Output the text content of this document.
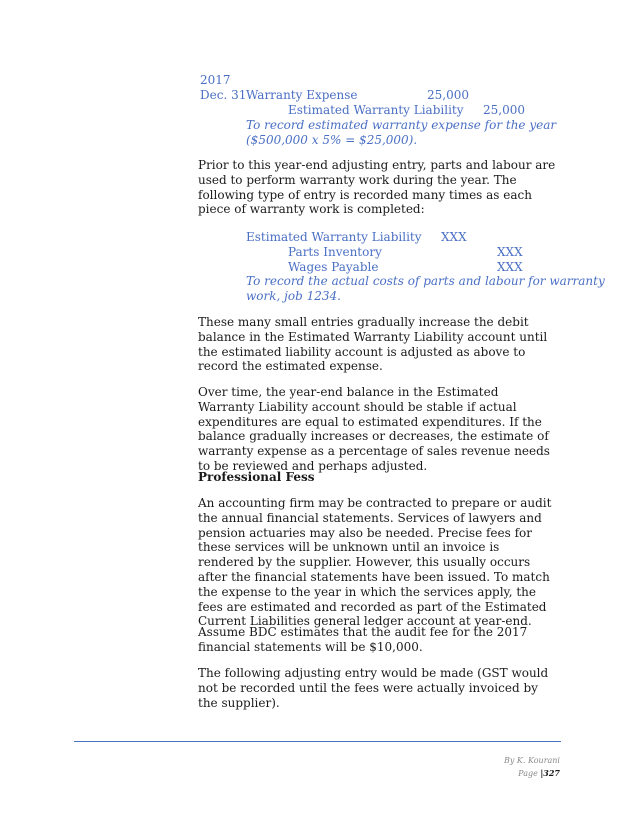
2017
Dec. 31 Warranty Expense	25,000
Estimated Warranty Liability 25,000
To record estimated warranty expense for the year
($500,000 x 5% = $25,000).

Prior to this year-end adjusting entry, parts and labour are used to perform warranty work during the year. The following type of entry is recorded many times as each piece of warranty work is completed:

Estimated Warranty Liability XXX
Parts Inventory	XXX
Wages Payable	XXX
To record the actual costs of parts and labour for warranty
work, job 1234.

These many small entries gradually increase the debit balance in the Estimated Warranty Liability account until the estimated liability account is adjusted as above to record the estimated expense.

Over time, the year-end balance in the Estimated Warranty Liability account should be stable if actual expenditures are equal to estimated expenditures. If the balance gradually increases or decreases, the estimate of warranty expense as a percentage of sales revenue needs to be reviewed and perhaps adjusted.

Professional Fess

An accounting firm may be contracted to prepare or audit the annual financial statements. Services of lawyers and pension actuaries may also be needed. Precise fees for these services will be unknown until an invoice is rendered by the supplier. However, this usually occurs after the financial statements have been issued. To match the expense to the year in which the services apply, the fees are estimated and recorded as part of the Estimated Current Liabilities general ledger account at year-end.

Assume BDC estimates that the audit fee for the 2017 financial statements will be $10,000.

The following adjusting entry would be made (GST would not be recorded until the fees were actually invoiced by the supplier).

By K. Kourani
Page |327
